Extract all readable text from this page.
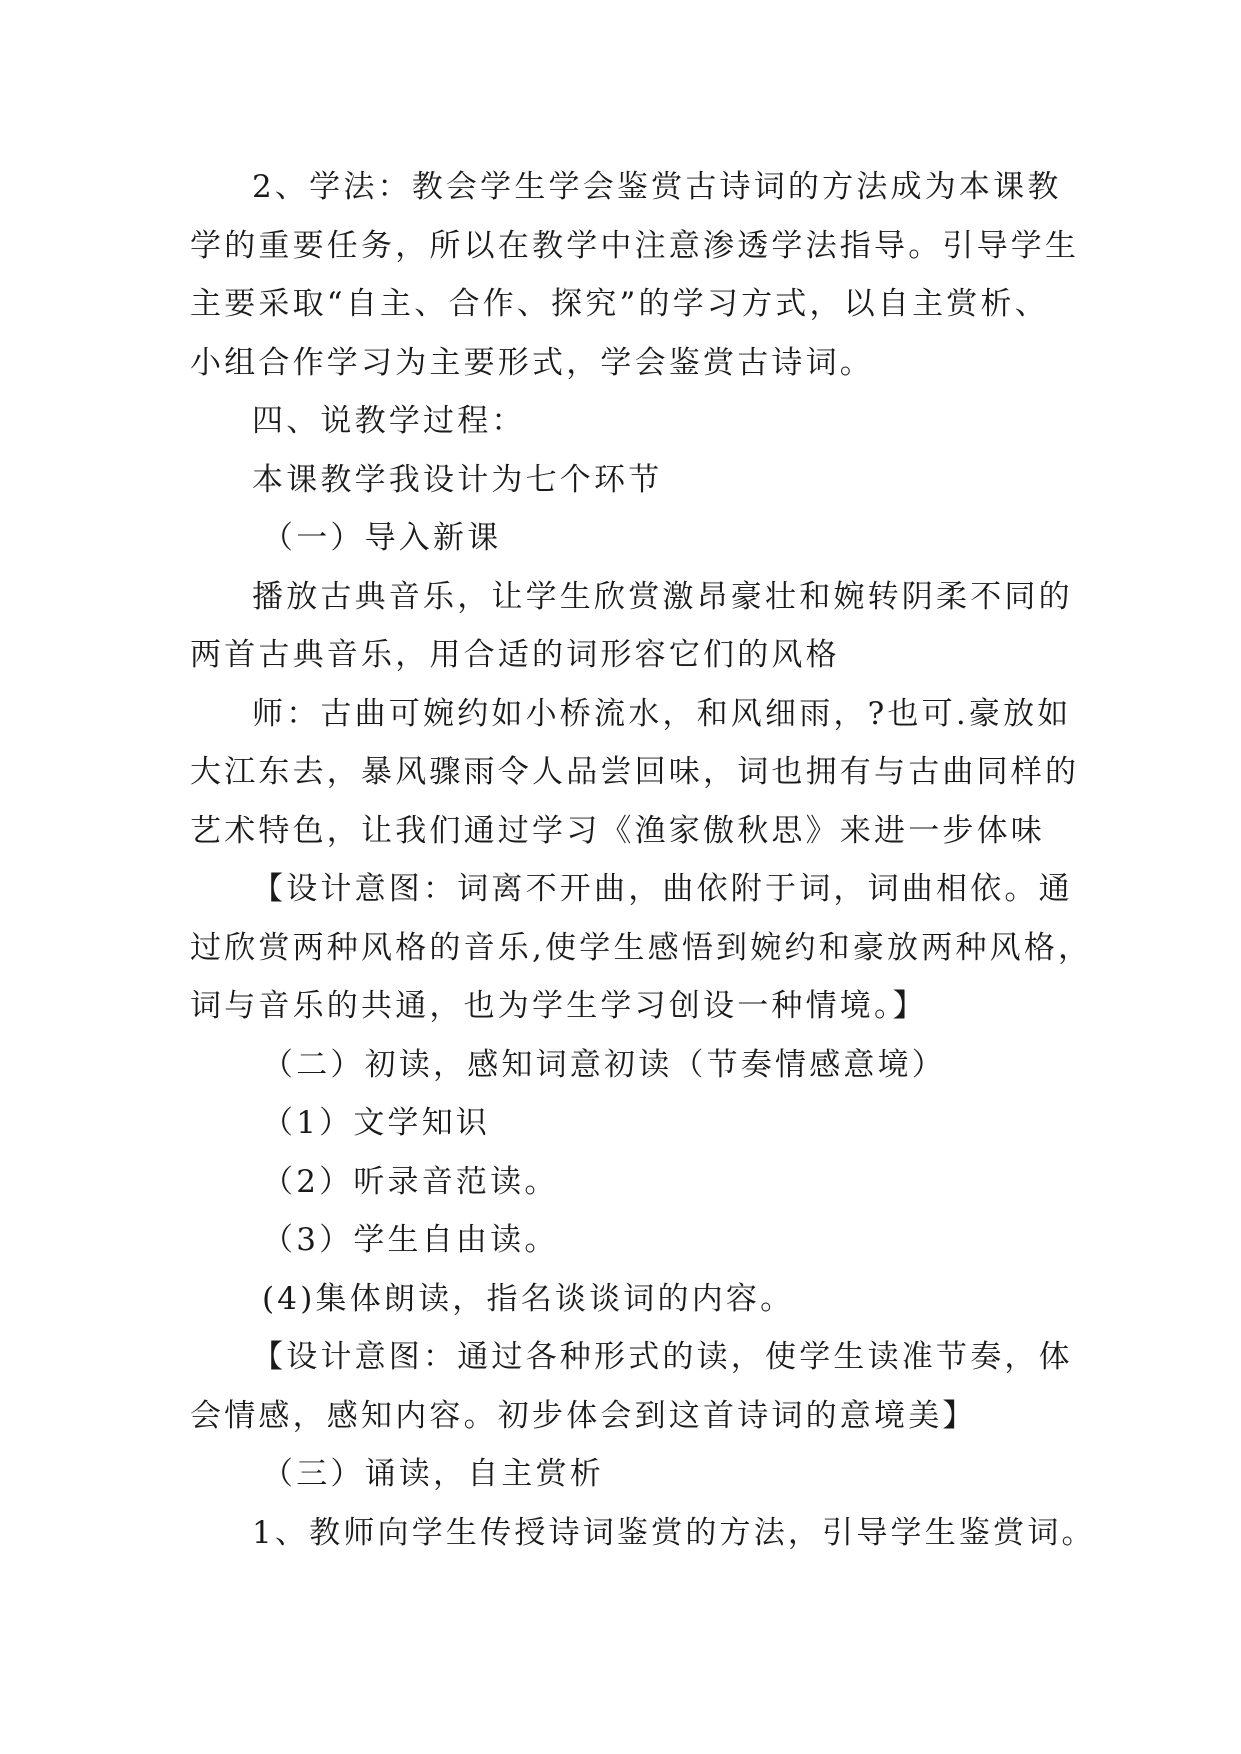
2、学法：教会学生学会鉴赏古诗词的方法成为本课教
学的重要任务，所以在教学中注意渗透学法指导。引导学生
主要采取“自主、合作、探究”的学习方式，以自主赏析、
小组合作学习为主要形式，学会鉴赏古诗词。

四、说教学过程：

本课教学我设计为七个环节

（一）导入新课

播放古典音乐，让学生欣赏激昂豪壮和婉转阴柔不同的
两首古典音乐，用合适的词形容它们的风格

师：古曲可婉约如小桥流水，和风细雨，?也可.豪放如
大江东去，暴风骤雨令人品尝回味，词也拥有与古曲同样的
艺术特色，让我们通过学习《渔家傲秋思》来进一步体味

【设计意图：词离不开曲，曲依附于词，词曲相依。通
过欣赏两种风格的音乐,使学生感悟到婉约和豪放两种风格，
词与音乐的共通，也为学生学习创设一种情境。】

（二）初读，感知词意初读（节奏情感意境）

（1）文学知识

（2）听录音范读。

（3）学生自由读。

(4)集体朗读，指名谈谈词的内容。

【设计意图：通过各种形式的读，使学生读准节奏，体
会情感，感知内容。初步体会到这首诗词的意境美】

（三）诵读，自主赏析

1、教师向学生传授诗词鉴赏的方法，引导学生鉴赏词。
